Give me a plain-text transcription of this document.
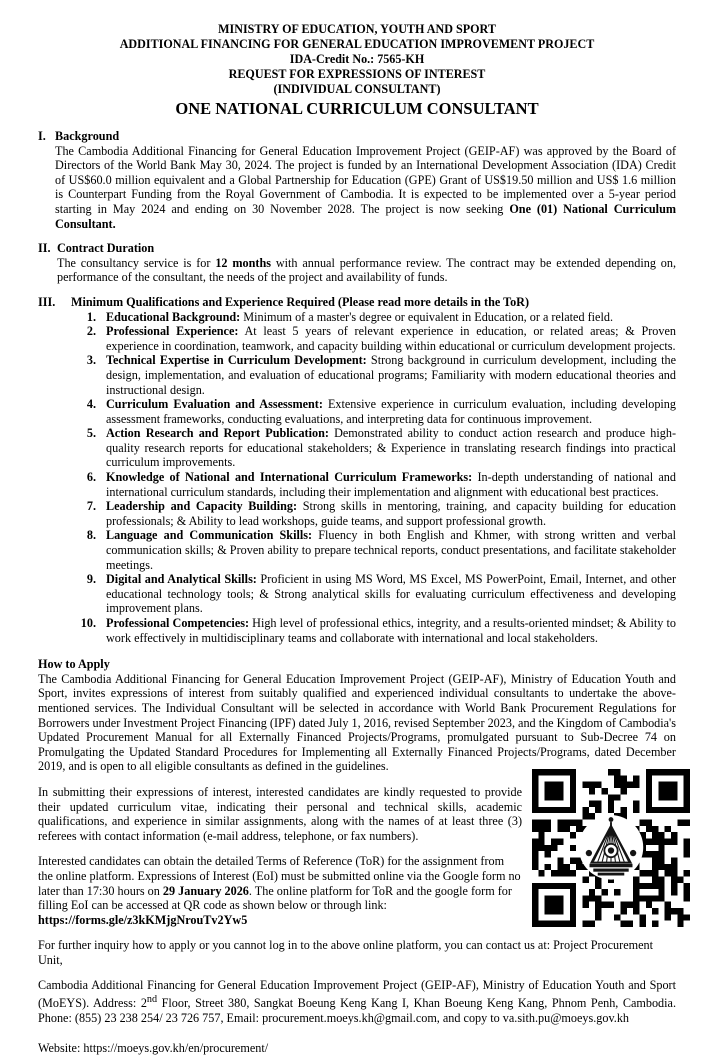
MINISTRY OF EDUCATION, YOUTH AND SPORT
ADDITIONAL FINANCING FOR GENERAL EDUCATION IMPROVEMENT PROJECT
IDA-Credit No.: 7565-KH
REQUEST FOR EXPRESSIONS OF INTEREST
(INDIVIDUAL CONSULTANT)
ONE NATIONAL CURRICULUM CONSULTANT
I. Background

The Cambodia Additional Financing for General Education Improvement Project (GEIP-AF) was approved by the Board of Directors of the World Bank May 30, 2024. The project is funded by an International Development Association (IDA) Credit of US$60.0 million equivalent and a Global Partnership for Education (GPE) Grant of US$19.50 million and US$ 1.6 million is Counterpart Funding from the Royal Government of Cambodia. It is expected to be implemented over a 5-year period starting in May 2024 and ending on 30 November 2028. The project is now seeking One (01) National Curriculum Consultant.

II. Contract Duration

The consultancy service is for 12 months with annual performance review. The contract may be extended depending on, performance of the consultant, the needs of the project and availability of funds.

III.	Minimum Qualifications and Experience Required (Please read more details in the ToR)
1. Educational Background: Minimum of a master's degree or equivalent in Education, or a related field.
2. Professional Experience: At least 5 years of relevant experience in education, or related areas; & Proven experience in coordination, teamwork, and capacity building within educational or curriculum development projects.
3. Technical Expertise in Curriculum Development: Strong background in curriculum development, including the design, implementation, and evaluation of educational programs; Familiarity with modern educational theories and instructional design.
4. Curriculum Evaluation and Assessment: Extensive experience in curriculum evaluation, including developing assessment frameworks, conducting evaluations, and interpreting data for continuous improvement.
5. Action Research and Report Publication: Demonstrated ability to conduct action research and produce high-quality research reports for educational stakeholders; & Experience in translating research findings into practical curriculum improvements.
6. Knowledge of National and International Curriculum Frameworks: In-depth understanding of national and international curriculum standards, including their implementation and alignment with educational best practices.
7. Leadership and Capacity Building: Strong skills in mentoring, training, and capacity building for education professionals; & Ability to lead workshops, guide teams, and support professional growth.
8. Language and Communication Skills: Fluency in both English and Khmer, with strong written and verbal communication skills; & Proven ability to prepare technical reports, conduct presentations, and facilitate stakeholder meetings.
9. Digital and Analytical Skills: Proficient in using MS Word, MS Excel, MS PowerPoint, Email, Internet, and other educational technology tools; & Strong analytical skills for evaluating curriculum effectiveness and developing improvement plans.
10. Professional Competencies: High level of professional ethics, integrity, and a results-oriented mindset; & Ability to work effectively in multidisciplinary teams and collaborate with international and local stakeholders.
How to Apply

The Cambodia Additional Financing for General Education Improvement Project (GEIP-AF), Ministry of Education Youth and Sport, invites expressions of interest from suitably qualified and experienced individual consultants to undertake the above-mentioned services. The Individual Consultant will be selected in accordance with World Bank Procurement Regulations for Borrowers under Investment Project Financing (IPF) dated July 1, 2016, revised September 2023, and the Kingdom of Cambodia's Updated Procurement Manual for all Externally Financed Projects/Programs, promulgated pursuant to Sub-Decree 74 on Promulgating the Updated Standard Procedures for Implementing all Externally Financed Projects/Programs, dated December 2019, and is open to all eligible consultants as defined in the guidelines.

In submitting their expressions of interest, interested candidates are kindly requested to provide their updated curriculum vitae, indicating their personal and technical skills, academic qualifications, and experience in similar assignments, along with the names of at least three (3) referees with contact information (e-mail address, telephone, or fax numbers).

Interested candidates can obtain the detailed Terms of Reference (ToR) for the assignment from the online platform. Expressions of Interest (EoI) must be submitted online via the Google form no later than 17:30 hours on 29 January 2026. The online platform for ToR and the google form for filling EoI can be accessed at QR code as shown below or through link:

https://forms.gle/z3kKMjgNrouTv2Yw5

For further inquiry how to apply or you cannot log in to the above online platform, you can contact us at: Project Procurement Unit,

Cambodia Additional Financing for General Education Improvement Project (GEIP-AF), Ministry of Education Youth and Sport (MoEYS). Address: 2nd Floor, Street 380, Sangkat Boeung Keng Kang I, Khan Boeung Keng Kang, Phnom Penh, Cambodia. Phone: (855) 23 238 254/ 23 726 757, Email: procurement.moeys.kh@gmail.com, and copy to va.sith.pu@moeys.gov.kh

Website: https://moeys.gov.kh/en/procurement/
